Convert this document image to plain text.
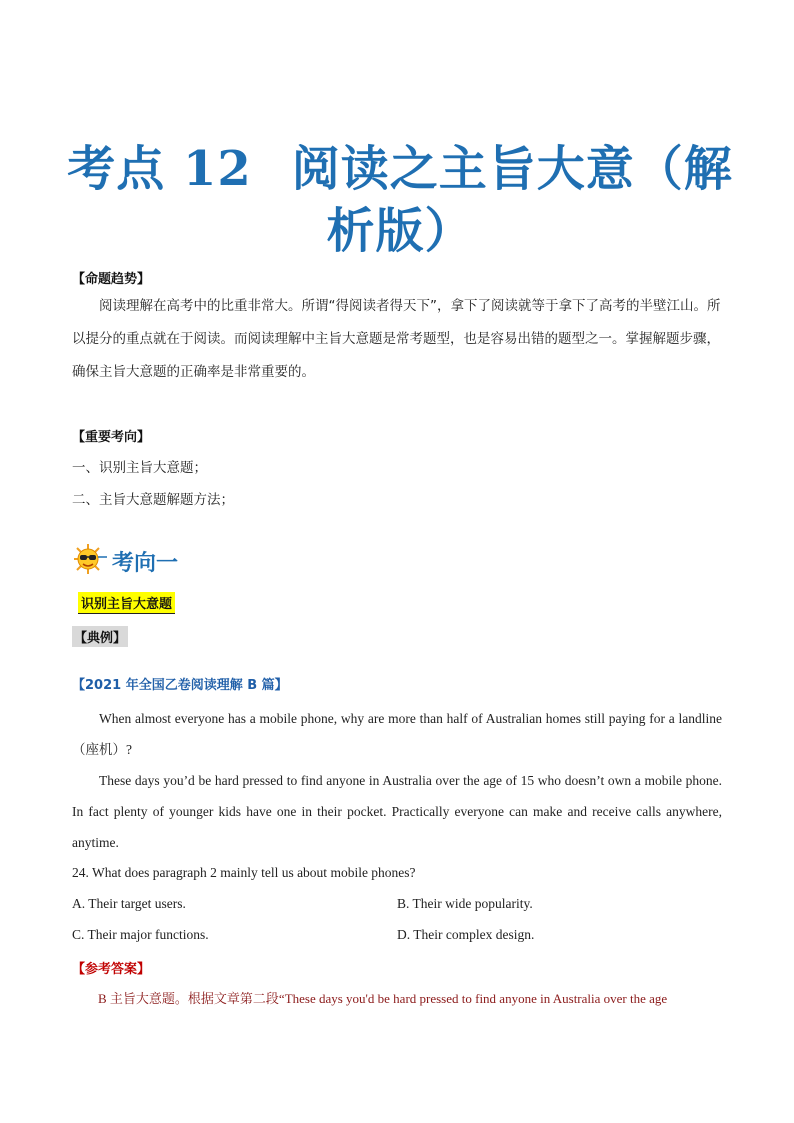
考点 12 阅读之主旨大意（解
析版）
【命题趋势】

阅读理解在高考中的比重非常大。所谓“得阅读者得天下”，拿下了阅读就等于拿下了高考的半壁江山。所以提分的重点就在于阅读。而阅读理解中主旨大意题是常考题型，也是容易出错的题型之一。掌握解题步骤，确保主旨大意题的正确率是非常重要的。

【重要考向】
一、识别主旨大意题；
二、主旨大意题解题方法；
考向一
识别主旨大意题
【典例】
【2021 年全国乙卷阅读理解 B 篇】

When almost everyone has a mobile phone, why are more than half of Australian homes still paying for a landline（座机）?

These days you’d be hard pressed to find anyone in Australia over the age of 15 who doesn’t own a mobile phone. In fact plenty of younger kids have one in their pocket. Practically everyone can make and receive calls anywhere, anytime.

24. What does paragraph 2 mainly tell us about mobile phones?
A. Their target users.	B. Their wide popularity.
C. Their major functions.	D. Their complex design.
【参考答案】

B 主旨大意题。根据文章第二段“These days you'd be hard pressed to find anyone in Australia over the age
